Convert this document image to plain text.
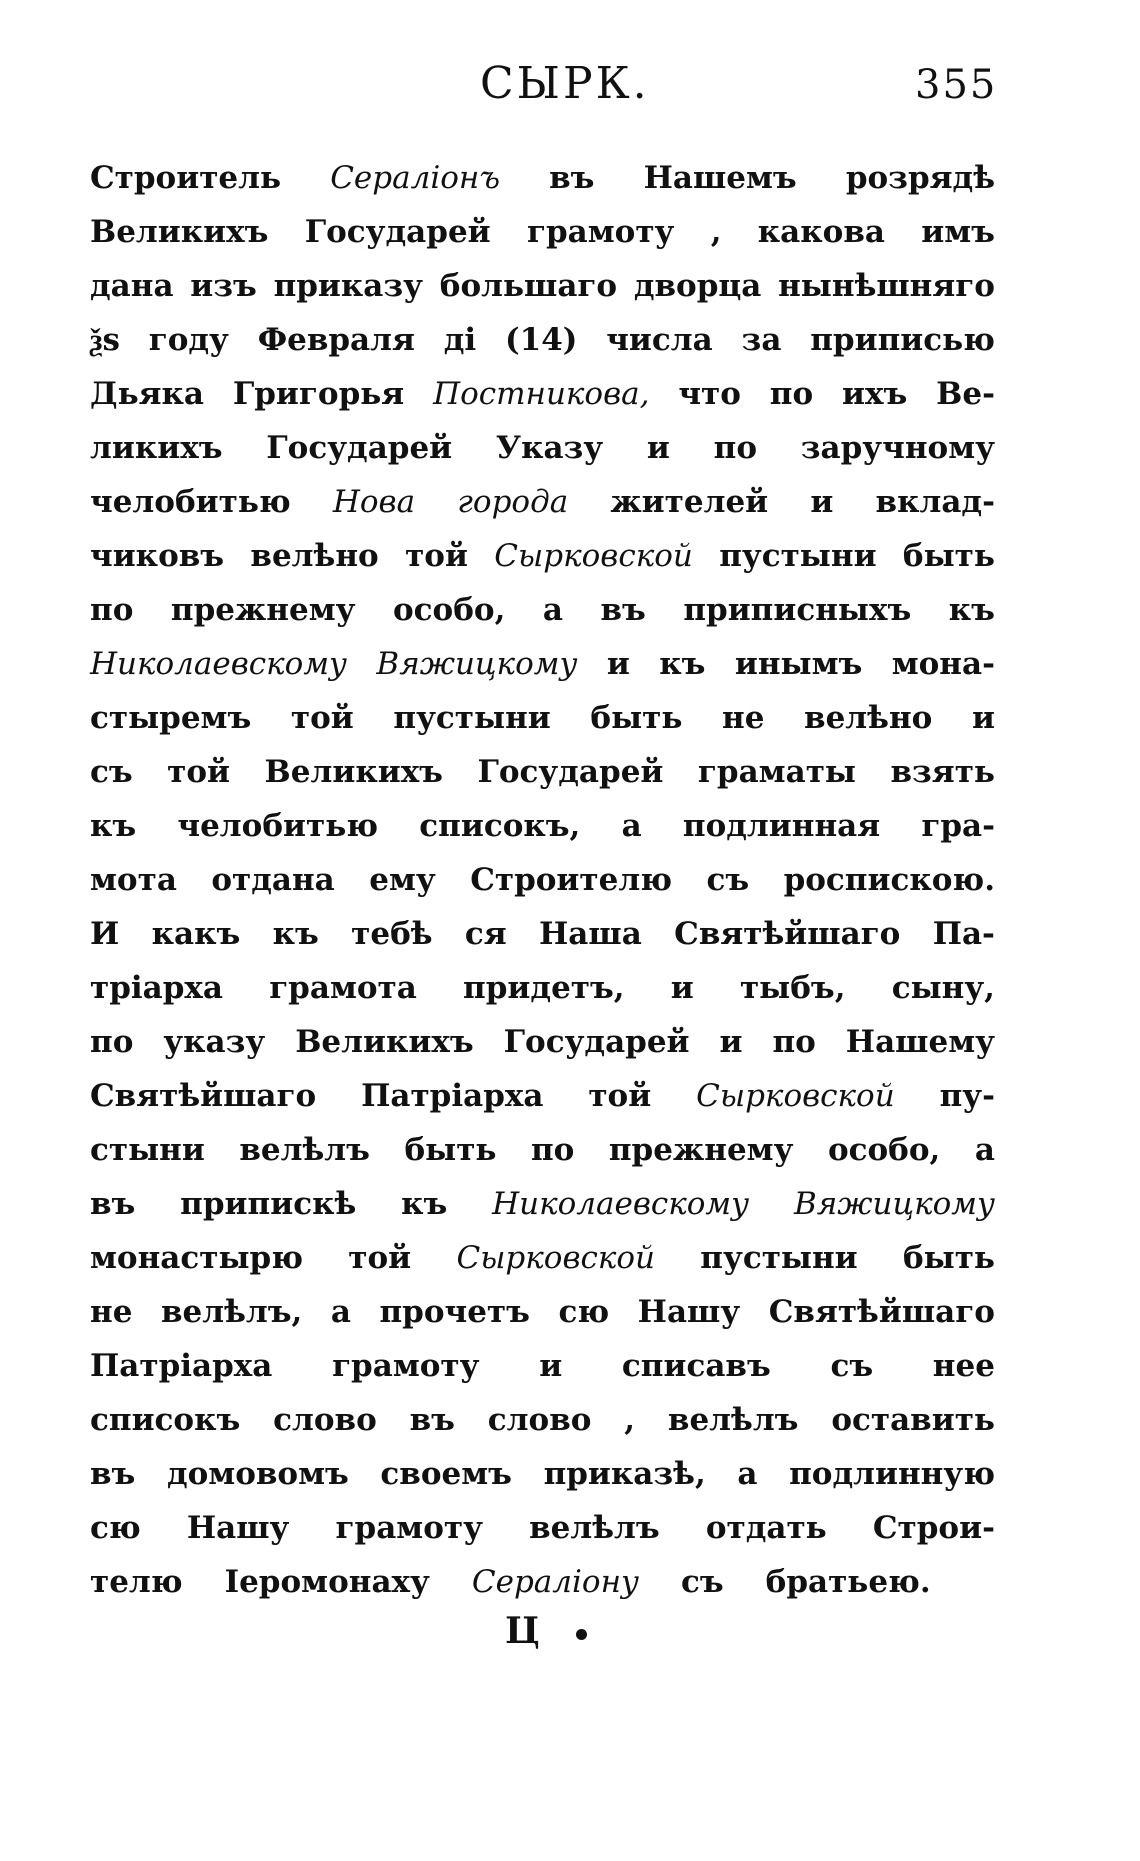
СЫРК.	355
Строитель Сералiонъ въ Нашемъ розрядѣ
Великихъ Государей грамоту , какова имъ
дана изъ приказу большаго дворца нынѣшняго
ѯѕ году Февраля ді (14) числа за приписью
Дьяка Григорья Постникова, что по ихъ Ве-
ликихъ Государей Указу и по заручному
челобитью Нова города жителей и вклад-
чиковъ велѣно той Сырковской пустыни быть
по прежнему особо, а въ приписныхъ къ
Николаевскому Вяжицкому и къ инымъ мона-
стыремъ той пустыни быть не велѣно и
съ той Великихъ Государей граматы взять
къ челобитью списокъ, а подлинная гра-
мота отдана ему Строителю съ роспискою.
И какъ къ тебѣ ся Наша Святѣйшаго Па-
трiарха грамота придетъ, и тыбъ, сыну,
по указу Великихъ Государей и по Нашему
Святѣйшаго Патрiарха той Сырковской пу-
стыни велѣлъ быть по прежнему особо, а
въ припискѣ къ Николаевскому Вяжицкому
монастырю той Сырковской пустыни быть
не велѣлъ, а прочетъ сю Нашу Святѣйшаго
Патрiарха грамоту и списавъ съ нее
списокъ слово въ слово , велѣлъ оставить
въ домовомъ своемъ приказѣ, а подлинную
сю Нашу грамоту велѣлъ отдать Строи-
телю Iеромонаху Сералiону съ братьею.
Ц
